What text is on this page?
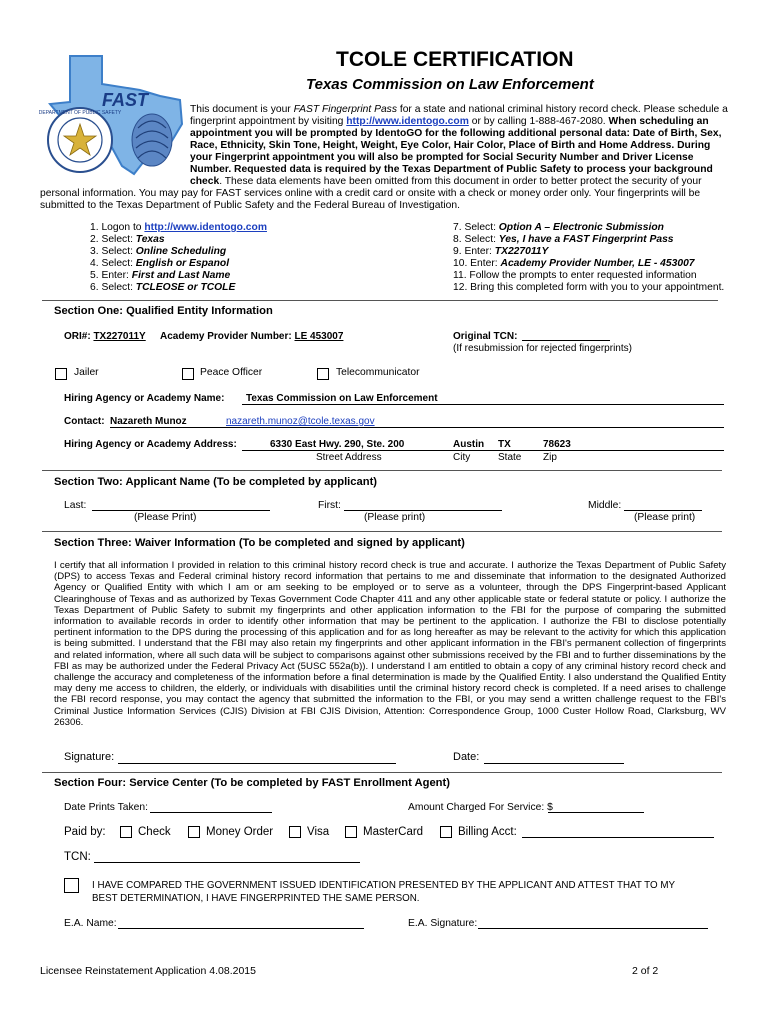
FAST
DEPARTMENT OF PUBLIC SAFETY
TCOLE CERTIFICATION
Texas Commission on Law Enforcement
This document is your FAST Fingerprint Pass for a state and national criminal history record check. Please schedule a
fingerprint appointment by visiting http://www.identogo.com or by calling 1-888-467-2080. When scheduling an
appointment you will be prompted by IdentoGO for the following additional personal data: Date of Birth, Sex,
Race, Ethnicity, Skin Tone, Height, Weight, Eye Color, Hair Color, Place of Birth and Home Address. During
your Fingerprint appointment you will also be prompted for Social Security Number and Driver License
Number. Requested data is required by the Texas Department of Public Safety to process your background
check. These data elements have been omitted from this document in order to better protect the security of your
personal information. You may pay for FAST services online with a credit card or onsite with a check or money order only. Your fingerprints will be
submitted to the Texas Department of Public Safety and the Federal Bureau of Investigation.
1. Logon to http://www.identogo.com
2. Select: Texas
3. Select: Online Scheduling
4. Select: English or Espanol
5. Enter: First and Last Name
6. Select: TCLEOSE or TCOLE
7. Select: Option A – Electronic Submission
8. Select: Yes, I have a FAST Fingerprint Pass
9. Enter: TX227011Y
10. Enter: Academy Provider Number, LE - 453007
11. Follow the prompts to enter requested information
12. Bring this completed form with you to your appointment.
Section One: Qualified Entity Information
ORI#: TX227011Y Academy Provider Number: LE 453007	Original TCN:
(If resubmission for rejected fingerprints)
Jailer	Peace Officer	Telecommunicator
Hiring Agency or Academy Name: Texas Commission on Law Enforcement
Contact: Nazareth Munoz	nazareth.munoz@tcole.texas.gov
Hiring Agency or Academy Address:	6330 East Hwy. 290, Ste. 200	Austin TX	78623
Street Address	City	State Zip
Section Two: Applicant Name (To be completed by applicant)
Last:
(Please Print)
First:
(Please print)
Middle:
(Please print)
Section Three: Waiver Information (To be completed and signed by applicant)
I certify that all information I provided in relation to this criminal history record check is true and accurate. I authorize the Texas Department of Public Safety (DPS) to access Texas and Federal criminal history record information that pertains to me and disseminate that information to the designated Authorized Agency or Qualified Entity with which I am or am seeking to be employed or to serve as a volunteer, through the DPS Fingerprint-based Applicant Clearinghouse of Texas and as authorized by Texas Government Code Chapter 411 and any other applicable state or federal statute or policy. I authorize the Texas Department of Public Safety to submit my fingerprints and other application information to the FBI for the purpose of comparing the submitted information to available records in order to identify other information that may be pertinent to the application. I authorize the FBI to disclose potentially pertinent information to the DPS during the processing of this application and for as long hereafter as may be relevant to the activity for which this application is being submitted. I understand that the FBI may also retain my fingerprints and other applicant information in the FBI's permanent collection of fingerprints and related information, where all such data will be subject to comparisons against other submissions received by the FBI and to further disseminations by the FBI as may be authorized under the Federal Privacy Act (5USC 552a(b)). I understand I am entitled to obtain a copy of any criminal history record check and challenge the accuracy and completeness of the information before a final determination is made by the Qualified Entity. I also understand the Qualified Entity may deny me access to children, the elderly, or individuals with disabilities until the criminal history record check is completed. If a need arises to challenge the FBI record response, you may contact the agency that submitted the information to the FBI, or you may send a written challenge request to the FBI's Criminal Justice Information Services (CJIS) Division at FBI CJIS Division, Attention: Correspondence Group, 1000 Custer Hollow Road, Clarksburg, WV 26306.
Signature:	Date:
Section Four: Service Center (To be completed by FAST Enrollment Agent)
Date Prints Taken:	Amount Charged For Service: $
Paid by:	Check	Money Order	Visa	MasterCard	Billing Acct:
TCN:
I HAVE COMPARED THE GOVERNMENT ISSUED IDENTIFICATION PRESENTED BY THE APPLICANT AND ATTEST THAT TO MY
BEST DETERMINATION, I HAVE FINGERPRINTED THE SAME PERSON.
E.A. Name:	E.A. Signature:
Licensee Reinstatement Application 4.08.2015	2 of 2
